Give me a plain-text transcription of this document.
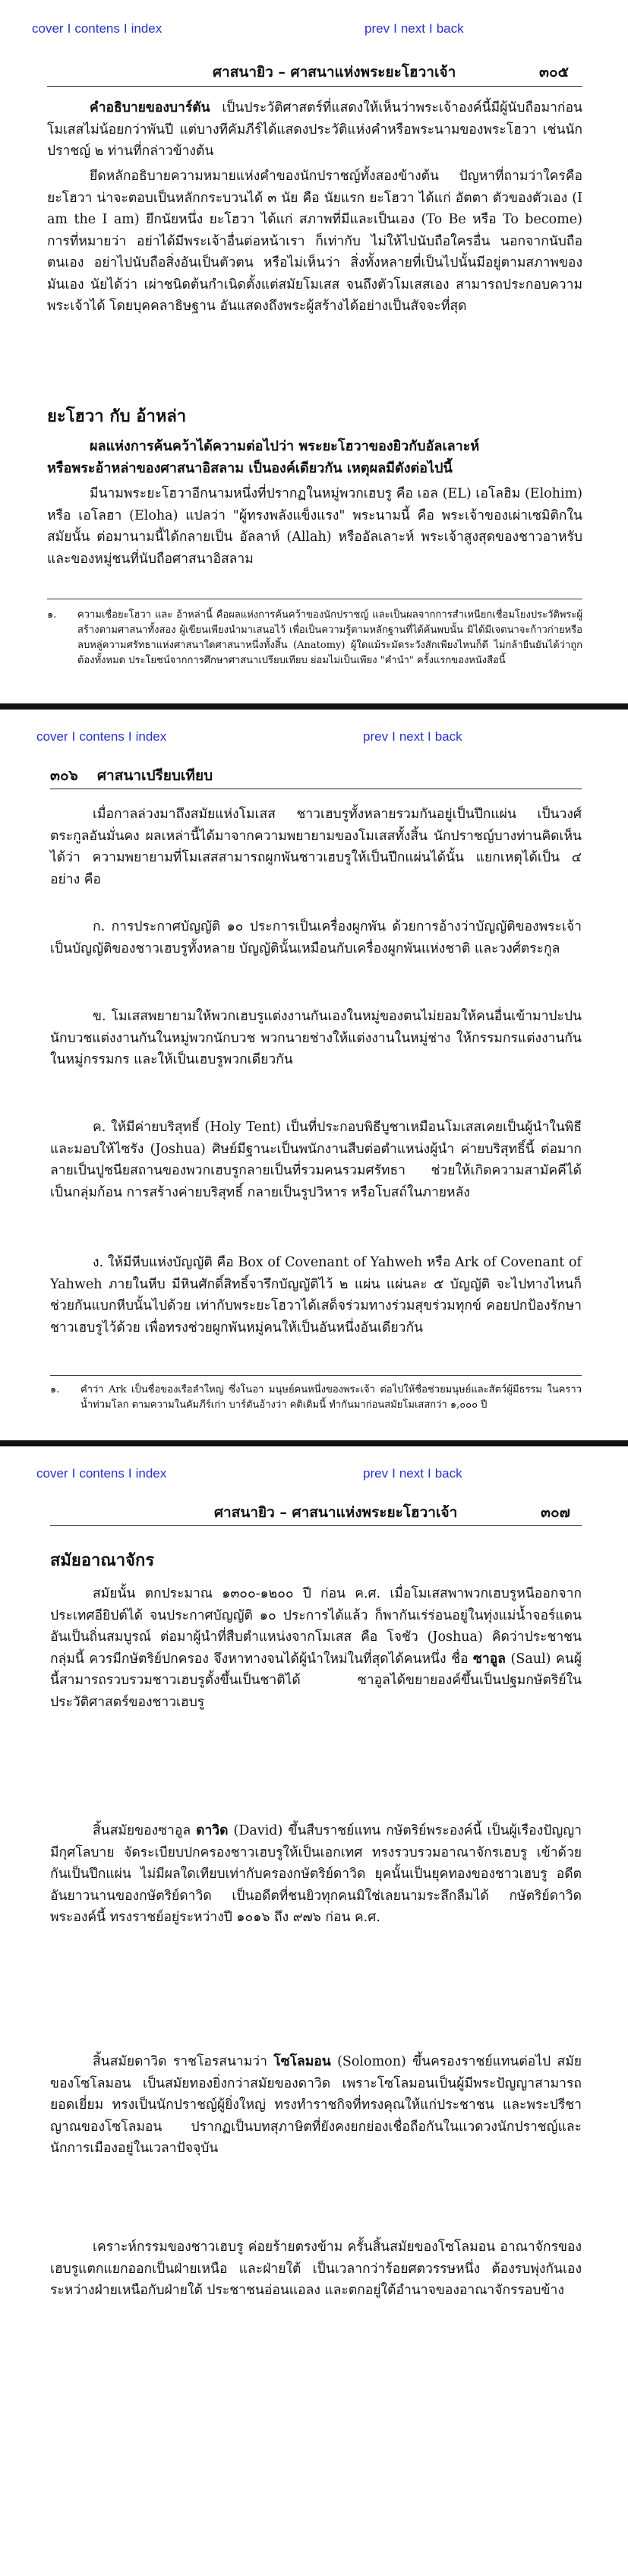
cover I contens I index	prev I next I back
ศาสนายิว – ศาสนาแห่งพระยะโฮวาเจ้า	๓๐๕
คำอธิบายของบาร์ตัน เป็นประวัติศาสตร์ที่แสดงให้เห็นว่าพระเจ้าองค์นี้มีผู้นับถือมาก่อนโมเสสไม่น้อยกว่าพันปี แต่บางทีคัมภีร์ได้แสดงประวัติแห่งคำหรือพระนามของพระโฮวา เช่นนักปราชญ์ ๒ ท่านที่กล่าวข้างต้น
ยึดหลักอธิบายความหมายแห่งคำของนักปราชญ์ทั้งสองข้างต้น ปัญหาที่ถามว่าใครคือ ยะโฮวา น่าจะตอบเป็นหลักกระบวนได้ ๓ นัย คือ นัยแรก ยะโฮวา ได้แก่ อัตตา ตัวของตัวเอง (I am the I am) ยึกนัยหนึ่ง ยะโฮวา ได้แก่ สภาพที่มีและเป็นเอง (To Be หรือ To become) การที่หมายว่า อย่าได้มีพระเจ้าอื่นต่อหน้าเรา ก็เท่ากับ ไม่ให้ไปนับถือใครอื่น นอกจากนับถือตนเอง อย่าไปนับถือสิ่งอันเป็นตัวตน หรือไม่เห็นว่า สิ่งทั้งหลายที่เป็นไปนั้นมีอยู่ตามสภาพของมันเอง นัยได้ว่า เผ่าชนิดต้นกำเนิดตั้งแต่สมัยโมเสส จนถึงตัวโมเสสเอง สามารถประกอบความพระเจ้าได้ โดยบุคคลาธิษฐาน อันแสดงถึงพระผู้สร้างได้อย่างเป็นสัจจะที่สุด
ยะโฮวา กับ อ้าหล่า
ผลแห่งการค้นคว้าได้ความต่อไปว่า พระยะโฮวาของยิวกับอัลเลาะห์
หรือพระอ้าหล่าของศาสนาอิสลาม เป็นองค์เดียวกัน เหตุผลมีดังต่อไปนี้
มีนามพระยะโฮวาอีกนามหนึ่งที่ปรากฏในหมู่พวกเฮบรู คือ เอล (EL) เอโลฮิม (Elohim) หรือ เอโลฮา (Eloha) แปลว่า "ผู้ทรงพลังแข็งแรง" พระนามนี้ คือ พระเจ้าของเผ่าเซมิติกในสมัยนั้น ต่อมานามนี้ได้กลายเป็น อัลลาห์ (Allah) หรืออัลเลาะห์ พระเจ้าสูงสุดของชาวอาหรับ และของหมู่ชนที่นับถือศาสนาอิสลาม
๑. ความเชื่อยะโฮวา และ อ้าหล่านี้ คือผลแห่งการค้นคว้าของนักปราชญ์ และเป็นผลจากการสำเหนียกเชื่อมโยงประวัติพระผู้สร้างตามศาสนาทั้งสอง ผู้เขียนเพียงนำมาเสนอไว้ เพื่อเป็นความรู้ตามหลักฐานที่ได้ค้นพบนั้น มิได้มีเจตนาจะก้าวก่ายหรือลบหลู่ความศรัทธาแห่งศาสนาใดศาสนาหนึ่งทั้งสิ้น (Anatomy) ผู้ใดแม้ระมัดระวังสักเพียงไหนก็ดี ไม่กล้ายืนยันได้ว่าถูกต้องทั้งหมด ประโยชน์จากการศึกษาศาสนาเปรียบเทียบ ย่อมไม่เป็นเพียง "คำนำ" ครั้งแรกของหนังสือนี้
cover I contens I index	prev I next I back
๓๐๖ ศาสนาเปรียบเทียบ
เมื่อกาลล่วงมาถึงสมัยแห่งโมเสส ชาวเฮบรูทั้งหลายรวมกันอยู่เป็นปึกแผ่น เป็นวงศ์ตระกูลอันมั่นคง ผลเหล่านี้ได้มาจากความพยายามของโมเสสทั้งสิ้น นักปราชญ์บางท่านคิดเห็นได้ว่า ความพยายามที่โมเสสสามารถผูกพันชาวเฮบรูให้เป็นปึกแผ่นได้นั้น แยกเหตุได้เป็น ๔ อย่าง คือ
ก. การประกาศบัญญัติ ๑๐ ประการเป็นเครื่องผูกพัน ด้วยการอ้างว่าบัญญัติของพระเจ้า เป็นบัญญัติของชาวเฮบรูทั้งหลาย บัญญัตินั้นเหมือนกับเครื่องผูกพันแห่งชาติ และวงศ์ตระกูล
ข. โมเสสพยายามให้พวกเฮบรูแต่งงานกันเองในหมู่ของตนไม่ยอมให้คนอื่นเข้ามาปะปน นักบวชแต่งงานกันในหมู่พวกนักบวช พวกนายช่างให้แต่งงานในหมู่ช่าง ให้กรรมกรแต่งงานกันในหมู่กรรมกร และให้เป็นเฮบรูพวกเดียวกัน
ค. ให้มีค่ายบริสุทธิ์ (Holy Tent) เป็นที่ประกอบพิธีบูชาเหมือนโมเสสเคยเป็นผู้นำในพิธี และมอบให้ไซรัง (Joshua) ศิษย์มีฐานะเป็นพนักงานสืบต่อตำแหน่งผู้นำ ค่ายบริสุทธิ์นี้ ต่อมากลายเป็นปูชนียสถานของพวกเฮบรูกลายเป็นที่รวมคนรวมศรัทธา ช่วยให้เกิดความสามัคคีได้เป็นกลุ่มก้อน การสร้างค่ายบริสุทธิ์ กลายเป็นรูปวิหาร หรือโบสถ์ในภายหลัง
ง. ให้มีหีบแห่งบัญญัติ คือ Box of Covenant of Yahweh หรือ Ark of Covenant of Yahweh ภายในหีบ มีหินศักดิ์สิทธิ์จารึกบัญญัติไว้ ๒ แผ่น แผ่นละ ๕ บัญญัติ จะไปทางไหนก็ช่วยกันแบกหีบนั้นไปด้วย เท่ากับพระยะโฮวาได้เสด็จร่วมทางร่วมสุขร่วมทุกข์ คอยปกป้องรักษาชาวเฮบรูไว้ด้วย เพื่อทรงช่วยผูกพันหมู่คนให้เป็นอันหนึ่งอันเดียวกัน
๑. คำว่า Ark เป็นชื่อของเรือลำใหญ่ ซึ่งโนอา มนุษย์คนหนึ่งของพระเจ้า ต่อไปให้ชื่อช่วยมนุษย์และสัตว์ผู้มีธรรม ในคราวน้ำท่วมโลก ตามความในคัมภีร์เก่า บาร์ตันอ้างว่า คติเดิมนี้ ทำกันมาก่อนสมัยโมเสสกว่า ๑,๐๐๐ ปี
cover I contens I index	prev I next I back
ศาสนายิว – ศาสนาแห่งพระยะโฮวาเจ้า	๓๐๗
สมัยอาณาจักร
สมัยนั้น ตกประมาณ ๑๓๐๐-๑๒๐๐ ปี ก่อน ค.ศ. เมื่อโมเสสพาพวกเฮบรูหนีออกจากประเทศอียิปต์ได้ จนประกาศบัญญัติ ๑๐ ประการได้แล้ว ก็พากันเร่ร่อนอยู่ในทุ่งแม่น้ำจอร์แดน อันเป็นถิ่นสมบูรณ์ ต่อมาผู้นำที่สืบตำแหน่งจากโมเสส คือ โจชัว (Joshua) คิดว่าประชาชนกลุ่มนี้ ควรมีกษัตริย์ปกครอง จึงหาทางจนได้ผู้นำใหม่ในที่สุดได้คนหนึ่ง ชื่อ ซาอูล (Saul) คนผู้นี้สามารถรวบรวมชาวเฮบรูตั้งขึ้นเป็นชาติได้ ซาอูลได้ขยายองค์ขึ้นเป็นปฐมกษัตริย์ในประวัติศาสตร์ของชาวเฮบรู
สิ้นสมัยของซาอูล ดาวิด (David) ขึ้นสืบราชย์แทน กษัตริย์พระองค์นี้ เป็นผู้เรืองปัญญา มีกุศโลบาย จัดระเบียบปกครองชาวเฮบรูให้เป็นเอกเทศ ทรงรวบรวมอาณาจักรเฮบรู เข้าด้วยกันเป็นปึกแผ่น ไม่มีผลใดเทียบเท่ากับครองกษัตริย์ดาวิด ยุคนั้นเป็นยุคทองของชาวเฮบรู อดีตอันยาวนานของกษัตริย์ดาวิด เป็นอดีตที่ชนยิวทุกคนมิใช่เลยนามระลึกลืมได้ กษัตริย์ดาวิดพระองค์นี้ ทรงราชย์อยู่ระหว่างปี ๑๐๑๖ ถึง ๙๗๖ ก่อน ค.ศ.
สิ้นสมัยดาวิด ราชโอรสนามว่า โซโลมอน (Solomon) ขึ้นครองราชย์แทนต่อไป สมัยของโซโลมอน เป็นสมัยทองยิ่งกว่าสมัยของดาวิด เพราะโซโลมอนเป็นผู้มีพระปัญญาสามารถยอดเยี่ยม ทรงเป็นนักปราชญ์ผู้ยิ่งใหญ่ ทรงทำราชกิจที่ทรงคุณให้แก่ประชาชน และพระปรีชาญาณของโซโลมอน ปรากฏเป็นบทสุภาษิตที่ยังคงยกย่องเชื่อถือกันในแวดวงนักปราชญ์และนักการเมืองอยู่ในเวลาปัจจุบัน
เคราะห์กรรมของชาวเฮบรู ค่อยร้ายตรงข้าม ครั้นสิ้นสมัยของโซโลมอน อาณาจักรของเฮบรูแตกแยกออกเป็นฝ่ายเหนือ และฝ่ายใต้ เป็นเวลากว่าร้อยศตวรรษหนึ่ง ต้องรบพุ่งกันเองระหว่างฝ่ายเหนือกับฝ่ายใต้ ประชาชนอ่อนแอลง และตกอยู่ใต้อำนาจของอาณาจักรรอบข้าง
